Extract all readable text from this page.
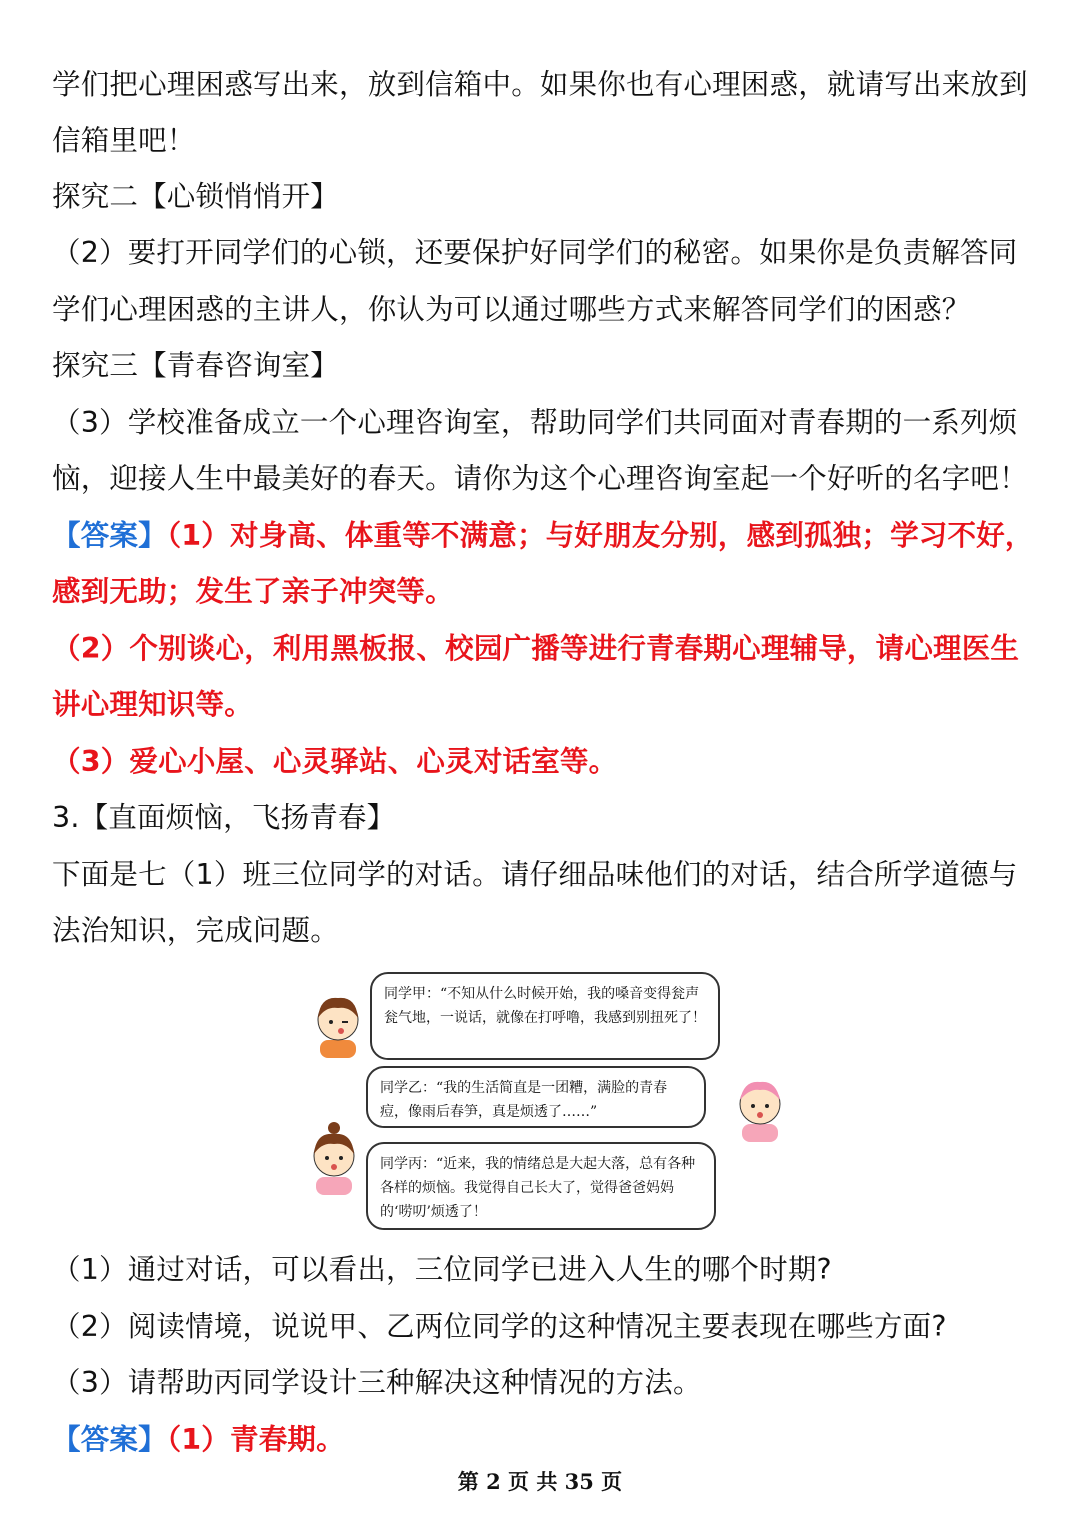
学们把心理困惑写出来，放到信箱中。如果你也有心理困惑，就请写出来放到
信箱里吧！
探究二【心锁悄悄开】
（2）要打开同学们的心锁，还要保护好同学们的秘密。如果你是负责解答同
学们心理困惑的主讲人，你认为可以通过哪些方式来解答同学们的困惑？
探究三【青春咨询室】
（3）学校准备成立一个心理咨询室，帮助同学们共同面对青春期的一系列烦
恼，迎接人生中最美好的春天。请你为这个心理咨询室起一个好听的名字吧！
【答案】（1）对身高、体重等不满意；与好朋友分别，感到孤独；学习不好，
感到无助；发生了亲子冲突等。
（2）个别谈心，利用黑板报、校园广播等进行青春期心理辅导，请心理医生
讲心理知识等。
（3）爱心小屋、心灵驿站、心灵对话室等。
3.【直面烦恼，飞扬青春】
下面是七（1）班三位同学的对话。请仔细品味他们的对话，结合所学道德与
法治知识，完成问题。
同学甲：“不知从什么时候开始，我的嗓音变得瓮声瓮气地，一说话，就像在打呼噜，我感到别扭死了！
同学乙：“我的生活简直是一团糟，满脸的青春痘，像雨后春笋，真是烦透了……”
同学丙：“近来，我的情绪总是大起大落，总有各种各样的烦恼。我觉得自己长大了，觉得爸爸妈妈的‘唠叨’烦透了！
（1）通过对话，可以看出，三位同学已进入人生的哪个时期?
（2）阅读情境，说说甲、乙两位同学的这种情况主要表现在哪些方面?
（3）请帮助丙同学设计三种解决这种情况的方法。
【答案】（1）青春期。
第 2 页 共 35 页
